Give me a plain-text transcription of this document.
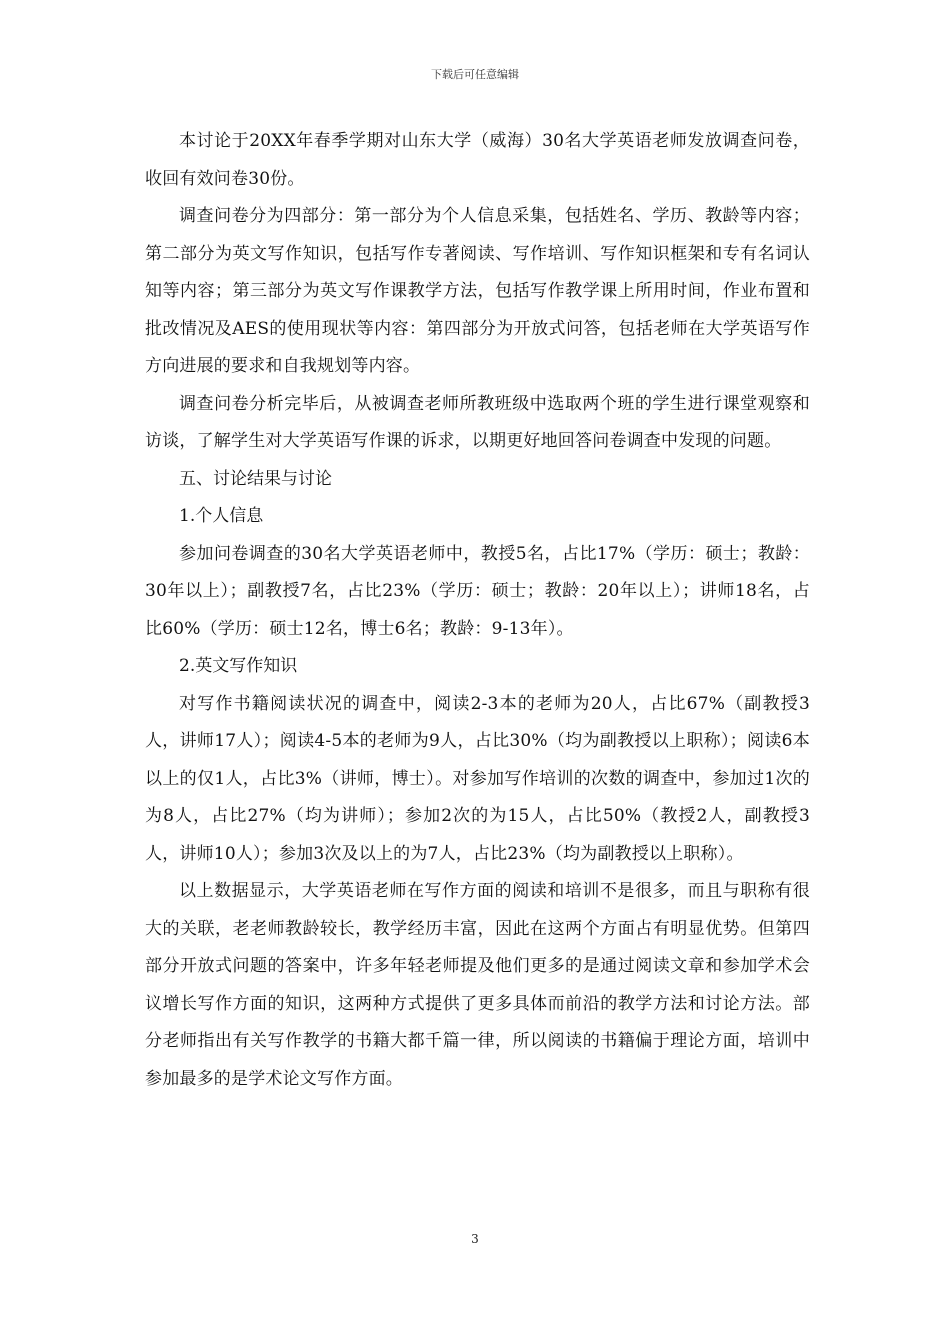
下载后可任意编辑

本讨论于20XX年春季学期对山东大学（威海）30名大学英语老师发放调查问卷，收回有效问卷30份。

调查问卷分为四部分：第一部分为个人信息采集，包括姓名、学历、教龄等内容；第二部分为英文写作知识，包括写作专著阅读、写作培训、写作知识框架和专有名词认知等内容；第三部分为英文写作课教学方法，包括写作教学课上所用时间，作业布置和批改情况及AES的使用现状等内容：第四部分为开放式问答，包括老师在大学英语写作方向进展的要求和自我规划等内容。

调查问卷分析完毕后，从被调查老师所教班级中选取两个班的学生进行课堂观察和访谈，了解学生对大学英语写作课的诉求，以期更好地回答问卷调查中发现的问题。

五、讨论结果与讨论

1.个人信息

参加问卷调查的30名大学英语老师中，教授5名，占比17%（学历：硕士；教龄：30年以上）；副教授7名，占比23%（学历：硕士；教龄：20年以上）；讲师18名，占比60%（学历：硕士12名，博士6名；教龄：9-13年）。

2.英文写作知识

对写作书籍阅读状况的调查中，阅读2-3本的老师为20人，占比67%（副教授3人，讲师17人）；阅读4-5本的老师为9人，占比30%（均为副教授以上职称）；阅读6本以上的仅1人，占比3%（讲师，博士）。对参加写作培训的次数的调查中，参加过1次的为8人，占比27%（均为讲师）；参加2次的为15人，占比50%（教授2人，副教授3人，讲师10人）；参加3次及以上的为7人，占比23%（均为副教授以上职称）。

以上数据显示，大学英语老师在写作方面的阅读和培训不是很多，而且与职称有很大的关联，老老师教龄较长，教学经历丰富，因此在这两个方面占有明显优势。但第四部分开放式问题的答案中，许多年轻老师提及他们更多的是通过阅读文章和参加学术会议增长写作方面的知识，这两种方式提供了更多具体而前沿的教学方法和讨论方法。部分老师指出有关写作教学的书籍大都千篇一律，所以阅读的书籍偏于理论方面，培训中参加最多的是学术论文写作方面。

3
